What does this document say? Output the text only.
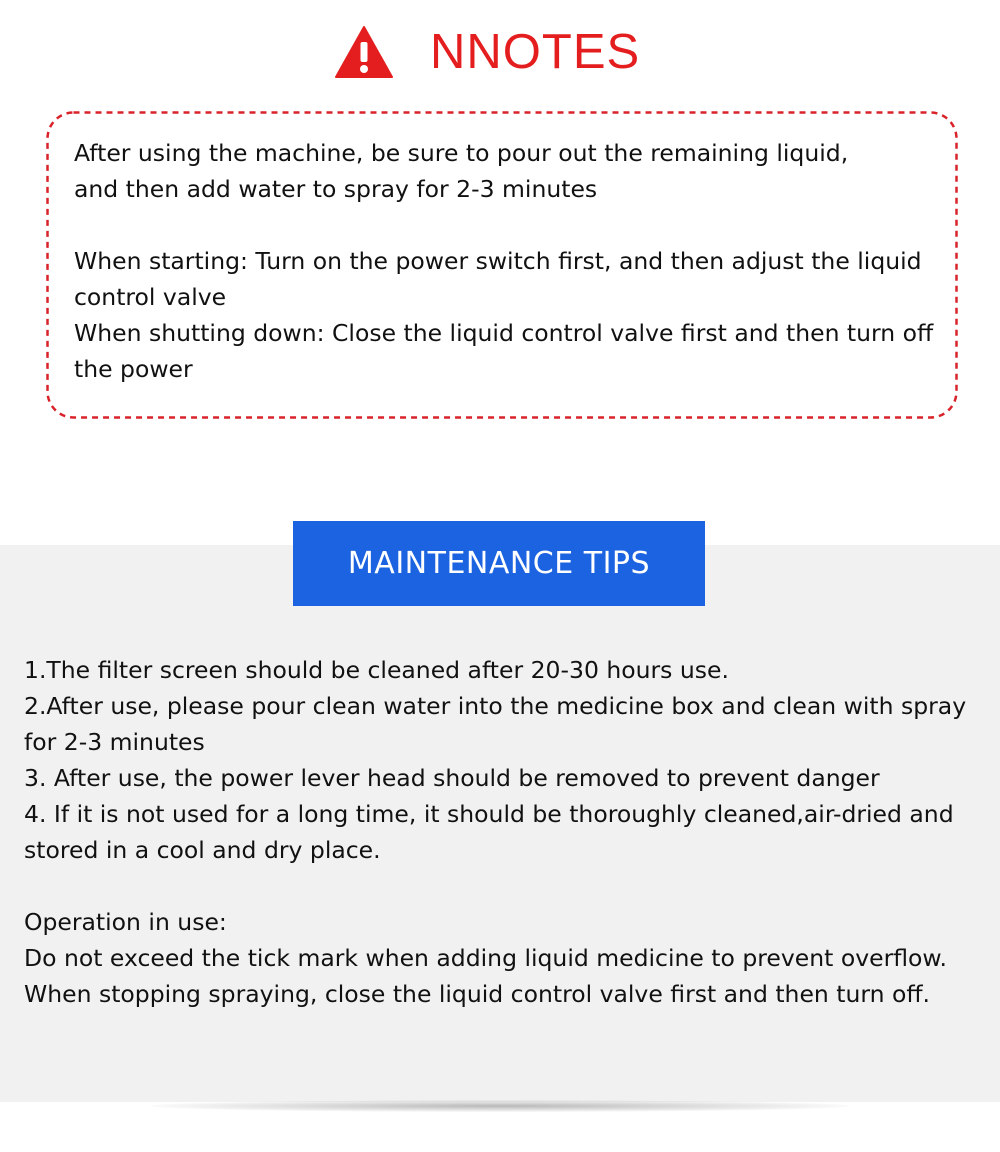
NNOTES

After using the machine, be sure to pour out the remaining liquid,

and then add water to spray for 2-3 minutes

When starting: Turn on the power switch first, and then adjust the liquid control valve

When shutting down: Close the liquid control valve first and then turn off the power

MAINTENANCE TIPS

1.The filter screen should be cleaned after 20-30 hours use.

2.After use, please pour clean water into the medicine box and clean with spray for 2-3 minutes

3. After use, the power lever head should be removed to prevent danger

4. If it is not used for a long time, it should be thoroughly cleaned,air-dried and stored in a cool and dry place.

Operation in use:

Do not exceed the tick mark when adding liquid medicine to prevent overflow.

When stopping spraying, close the liquid control valve first and then turn off.
